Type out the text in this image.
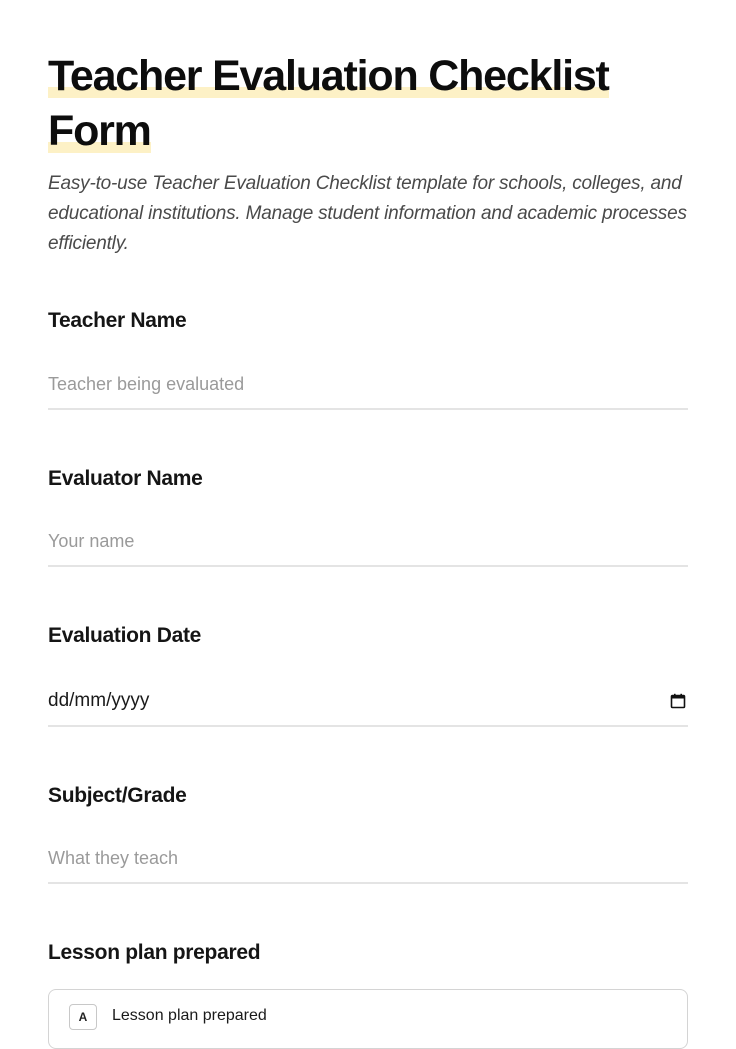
Teacher Evaluation Checklist Form

Easy-to-use Teacher Evaluation Checklist template for schools, colleges, and educational institutions. Manage student information and academic processes efficiently.

Teacher Name
Teacher being evaluated
Evaluator Name
Your name
Evaluation Date
dd/mm/yyyy
Subject/Grade
What they teach
Lesson plan prepared
A	Lesson plan prepared
